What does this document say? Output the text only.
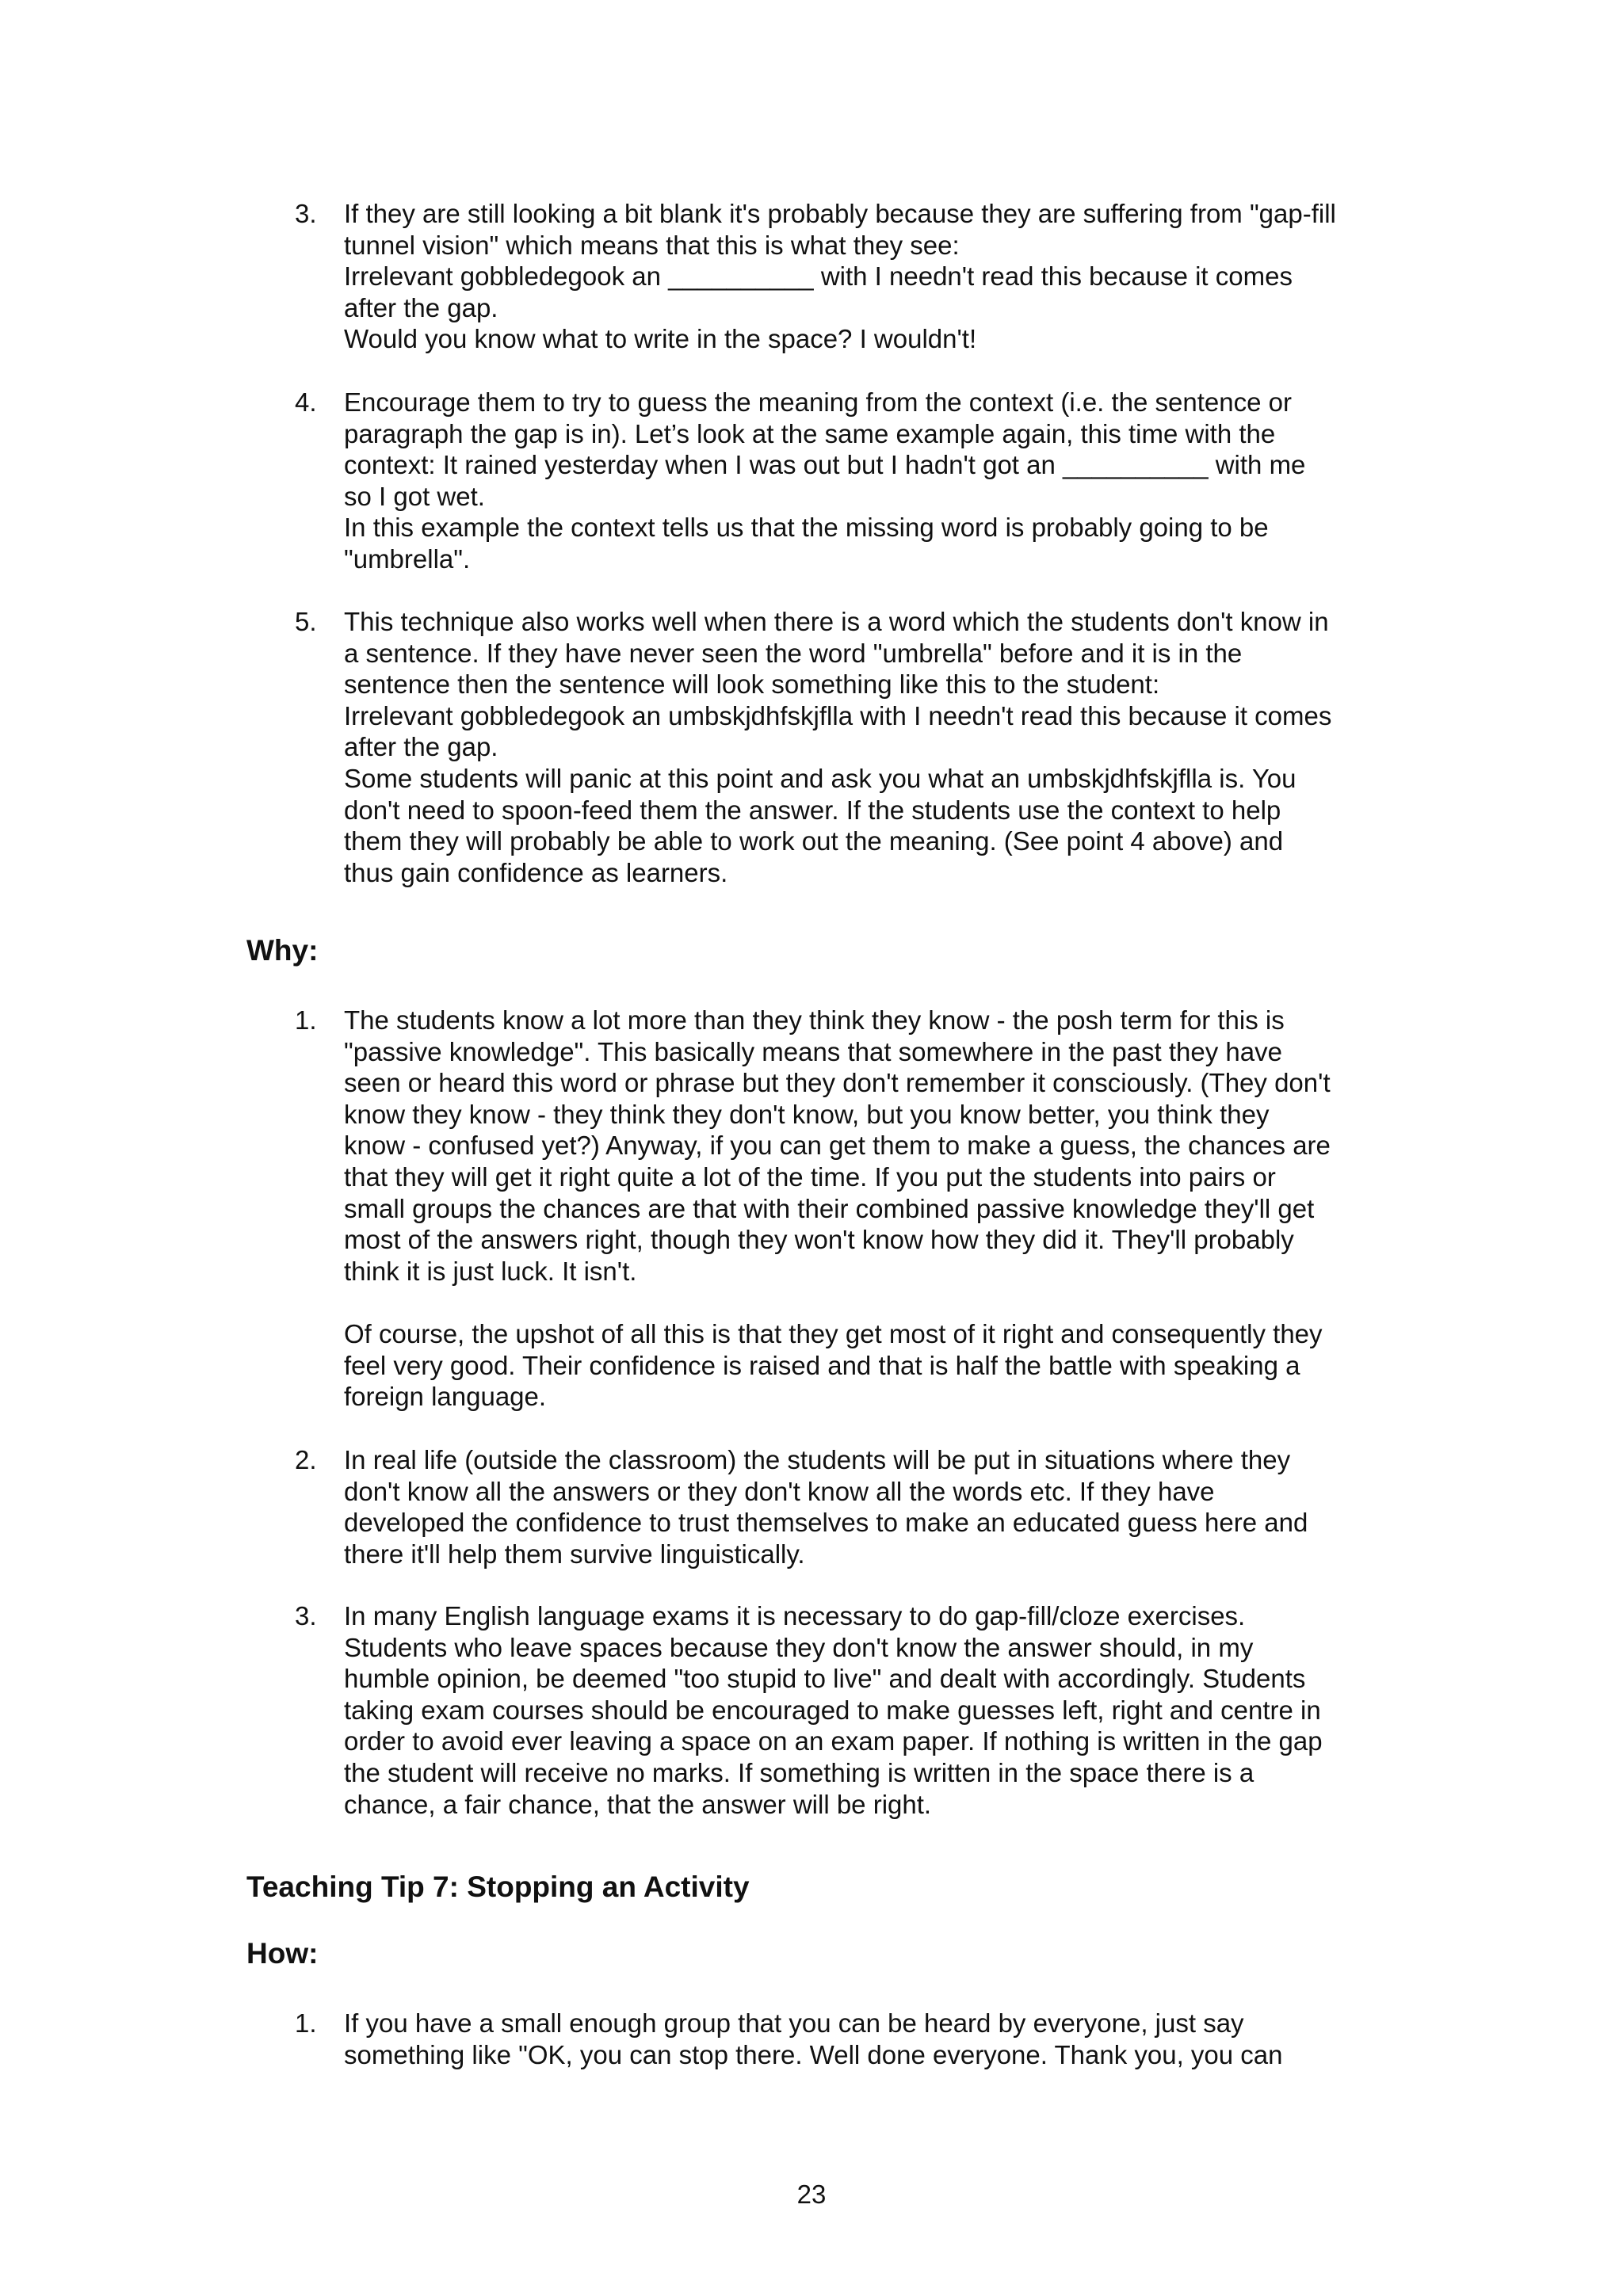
3.	If they are still looking a bit blank it's probably because they are suffering from "gap-fill
tunnel vision" which means that this is what they see:
Irrelevant gobbledegook an __________ with I needn't read this because it comes
after the gap.
Would you know what to write in the space? I wouldn't!
4.	Encourage them to try to guess the meaning from the context (i.e. the sentence or
paragraph the gap is in). Let’s look at the same example again, this time with the
context: It rained yesterday when I was out but I hadn't got an __________ with me
so I got wet.
In this example the context tells us that the missing word is probably going to be
"umbrella".
5.	This technique also works well when there is a word which the students don't know in
a sentence. If they have never seen the word "umbrella" before and it is in the
sentence then the sentence will look something like this to the student:
Irrelevant gobbledegook an umbskjdhfskjflla with I needn't read this because it comes
after the gap.
Some students will panic at this point and ask you what an umbskjdhfskjflla is. You
don't need to spoon-feed them the answer. If the students use the context to help
them they will probably be able to work out the meaning. (See point 4 above) and
thus gain confidence as learners.
Why:
1.	The students know a lot more than they think they know - the posh term for this is
"passive knowledge". This basically means that somewhere in the past they have
seen or heard this word or phrase but they don't remember it consciously. (They don't
know they know - they think they don't know, but you know better, you think they
know - confused yet?) Anyway, if you can get them to make a guess, the chances are
that they will get it right quite a lot of the time. If you put the students into pairs or
small groups the chances are that with their combined passive knowledge they'll get
most of the answers right, though they won't know how they did it. They'll probably
think it is just luck. It isn't.
Of course, the upshot of all this is that they get most of it right and consequently they
feel very good. Their confidence is raised and that is half the battle with speaking a
foreign language.
2.	In real life (outside the classroom) the students will be put in situations where they
don't know all the answers or they don't know all the words etc. If they have
developed the confidence to trust themselves to make an educated guess here and
there it'll help them survive linguistically.
3.	In many English language exams it is necessary to do gap-fill/cloze exercises.
Students who leave spaces because they don't know the answer should, in my
humble opinion, be deemed "too stupid to live" and dealt with accordingly. Students
taking exam courses should be encouraged to make guesses left, right and centre in
order to avoid ever leaving a space on an exam paper. If nothing is written in the gap
the student will receive no marks. If something is written in the space there is a
chance, a fair chance, that the answer will be right.
Teaching Tip 7: Stopping an Activity
How:
1.	If you have a small enough group that you can be heard by everyone, just say
something like "OK, you can stop there. Well done everyone. Thank you, you can
23
